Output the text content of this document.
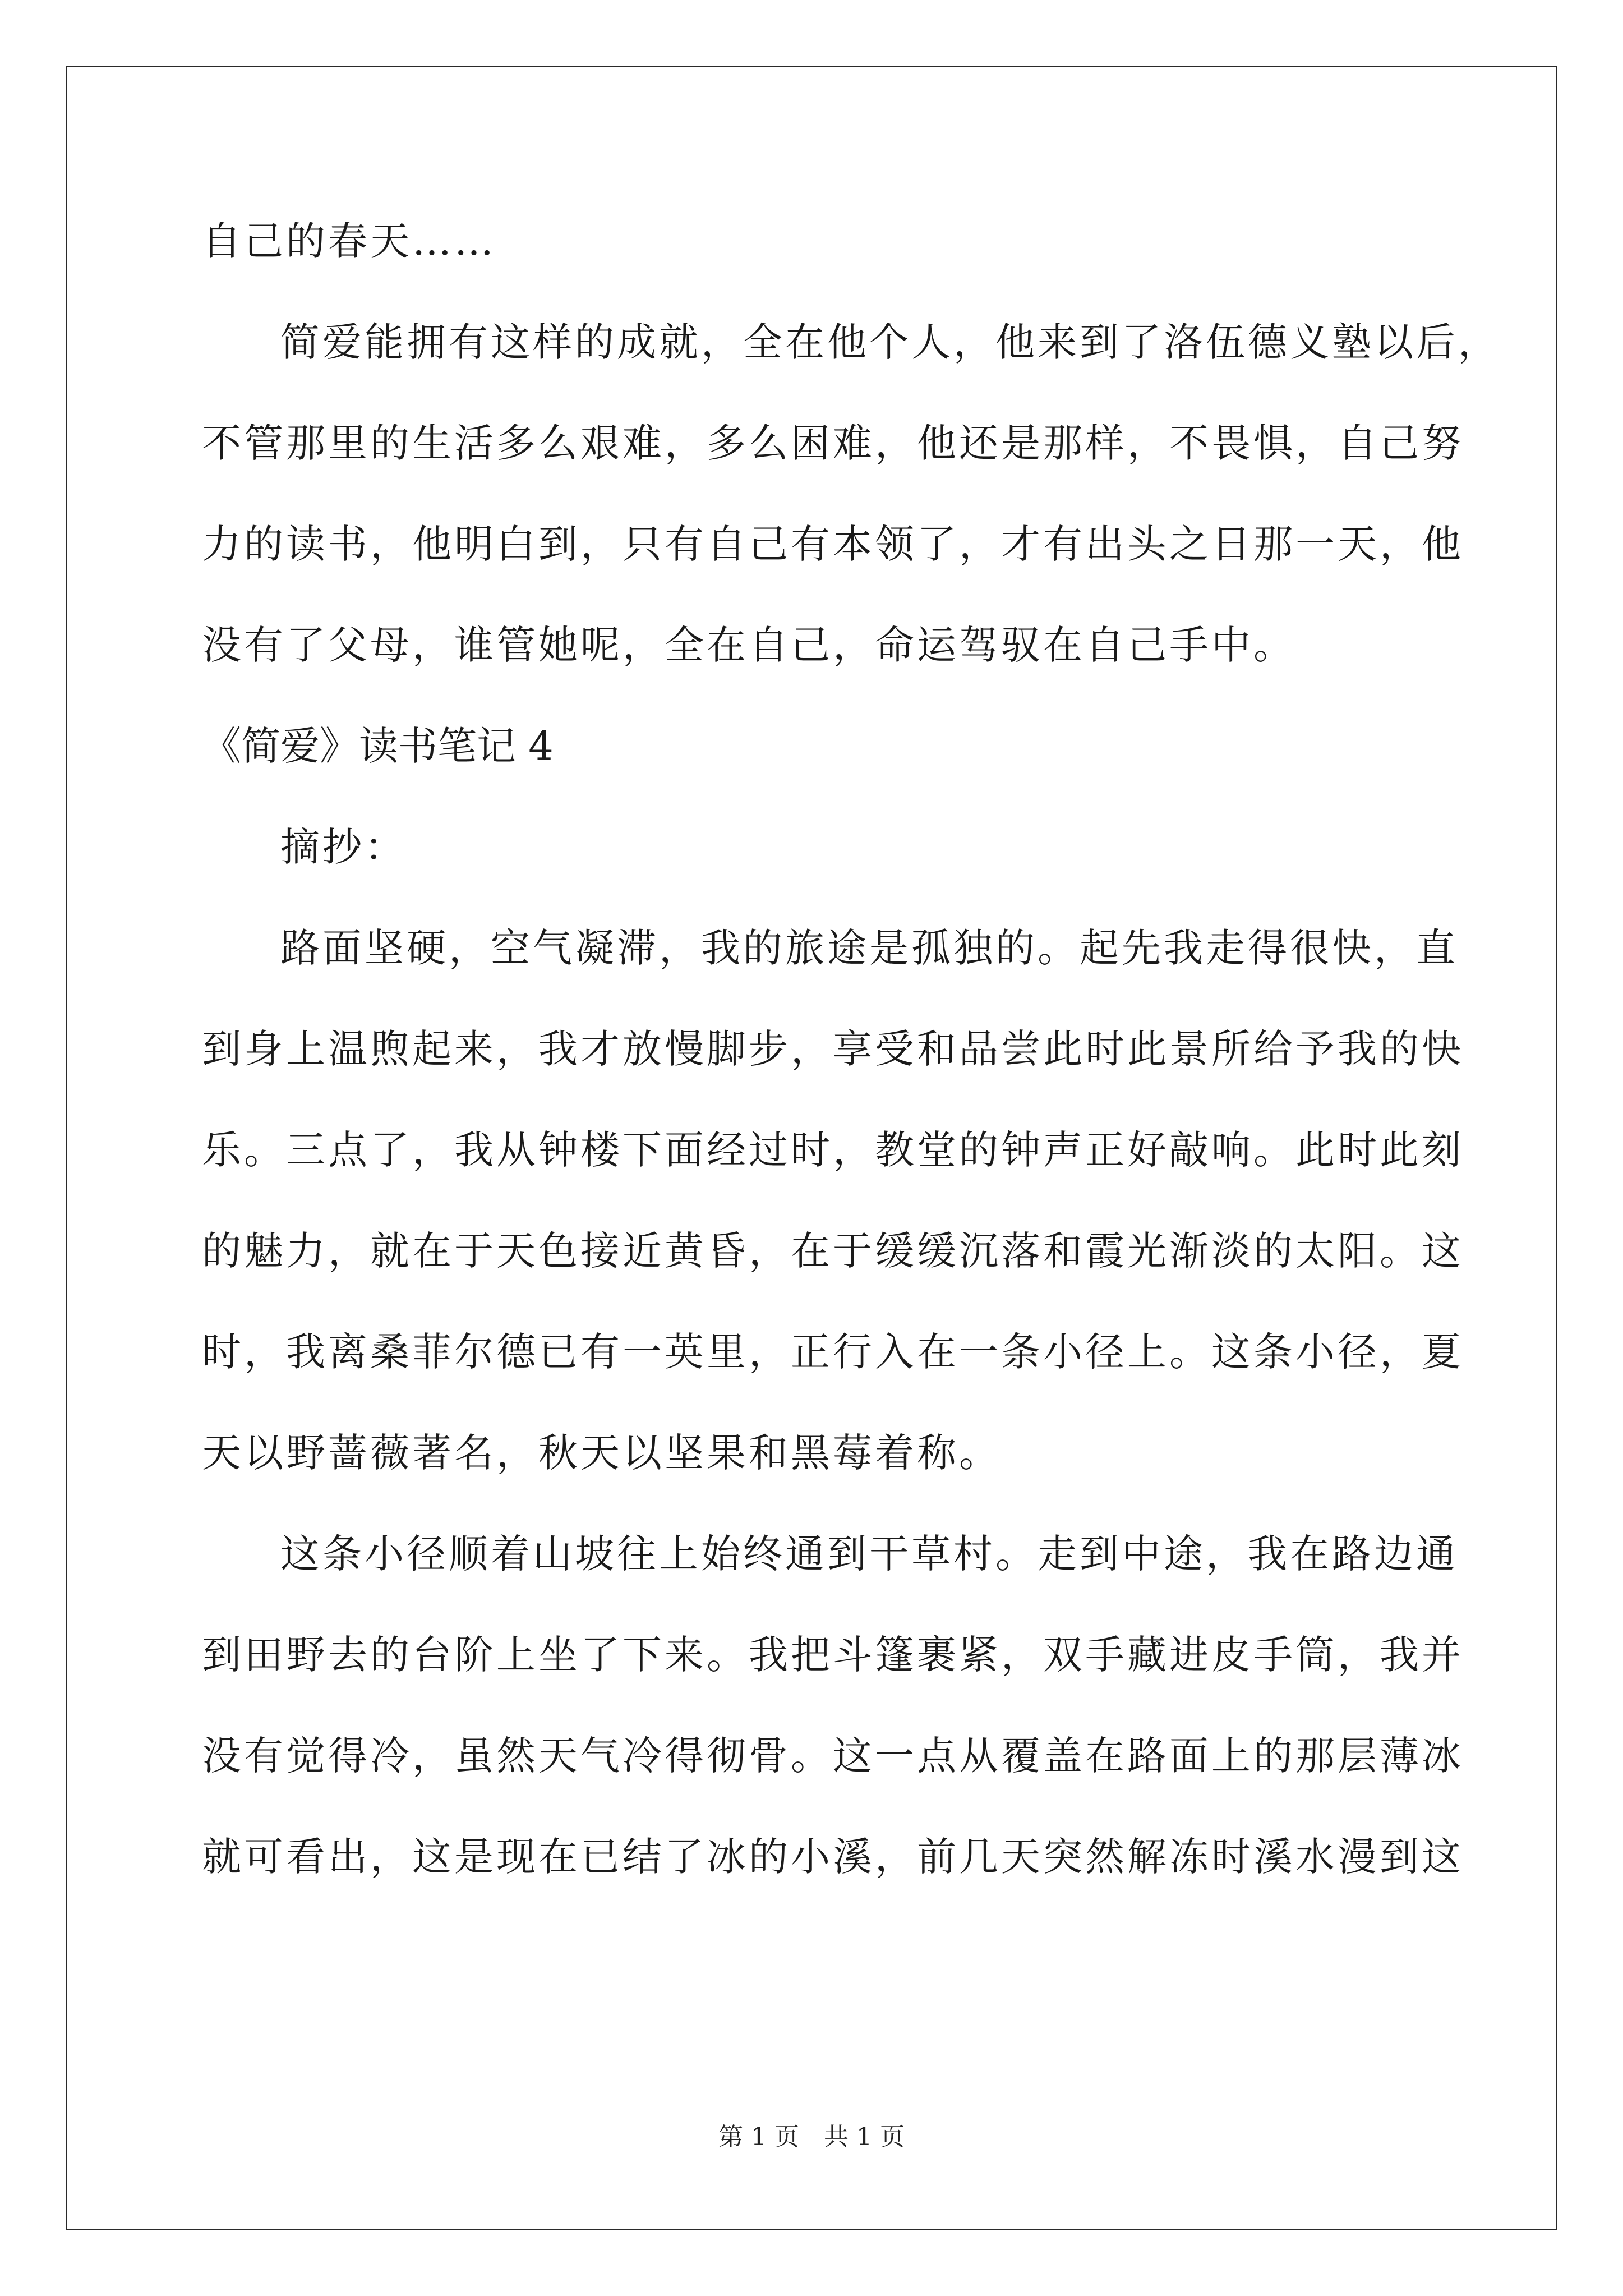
自己的春天……
简爱能拥有这样的成就，全在他个人，他来到了洛伍德义塾以后，
不管那里的生活多么艰难，多么困难，他还是那样，不畏惧，自己努
力的读书，他明白到，只有自己有本领了，才有出头之日那一天，他
没有了父母，谁管她呢，全在自己，命运驾驭在自己手中。
《简爱》读书笔记 4
摘抄：
路面坚硬，空气凝滞，我的旅途是孤独的。起先我走得很快，直
到身上温煦起来，我才放慢脚步，享受和品尝此时此景所给予我的快
乐。三点了，我从钟楼下面经过时，教堂的钟声正好敲响。此时此刻
的魅力，就在于天色接近黄昏，在于缓缓沉落和霞光渐淡的太阳。这
时，我离桑菲尔德已有一英里，正行入在一条小径上。这条小径，夏
天以野蔷薇著名，秋天以坚果和黑莓着称。
这条小径顺着山坡往上始终通到干草村。走到中途，我在路边通
到田野去的台阶上坐了下来。我把斗篷裹紧，双手藏进皮手筒，我并
没有觉得冷，虽然天气冷得彻骨。这一点从覆盖在路面上的那层薄冰
就可看出，这是现在已结了冰的小溪，前几天突然解冻时溪水漫到这
第 1 页 共 1 页
